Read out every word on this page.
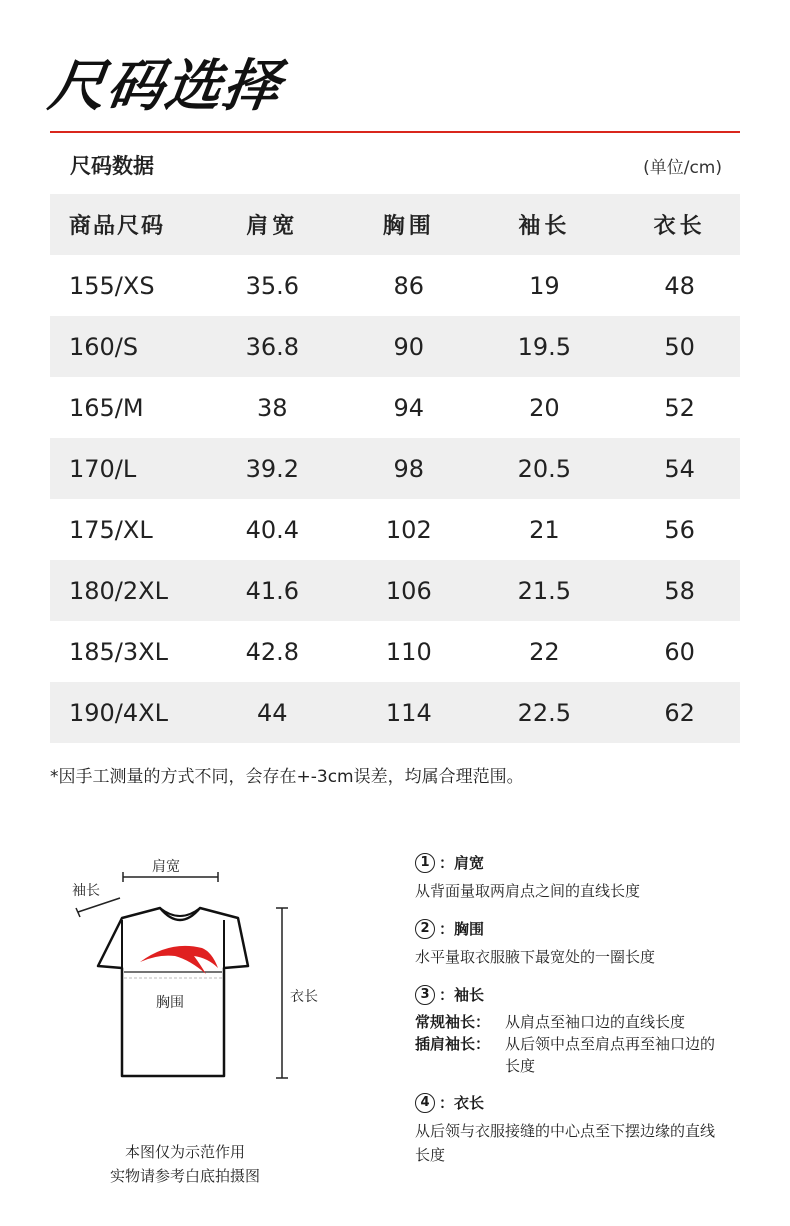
尺码选择
尺码数据	(单位/cm)
商品尺码	肩宽	胸围	袖长	衣长
155/XS	35.6	86	19	48
160/S	36.8	90	19.5	50
165/M	38	94	20	52
170/L	39.2	98	20.5	54
175/XL	40.4	102	21	56
180/2XL	41.6	106	21.5	58
185/3XL	42.8	110	22	60
190/4XL	44	114	22.5	62
*因手工测量的方式不同，会存在+-3cm误差，均属合理范围。
肩宽
袖长
胸围	衣长
本图仅为示范作用
实物请参考白底拍摄图
1 ：肩宽
从背面量取两肩点之间的直线长度
2 ：胸围
水平量取衣服腋下最宽处的一圈长度
3 ：袖长
常规袖长： 从肩点至袖口边的直线长度
插肩袖长： 从后领中点至肩点再至袖口边的长度
4 ：衣长
从后领与衣服接缝的中心点至下摆边缘的直线长度
